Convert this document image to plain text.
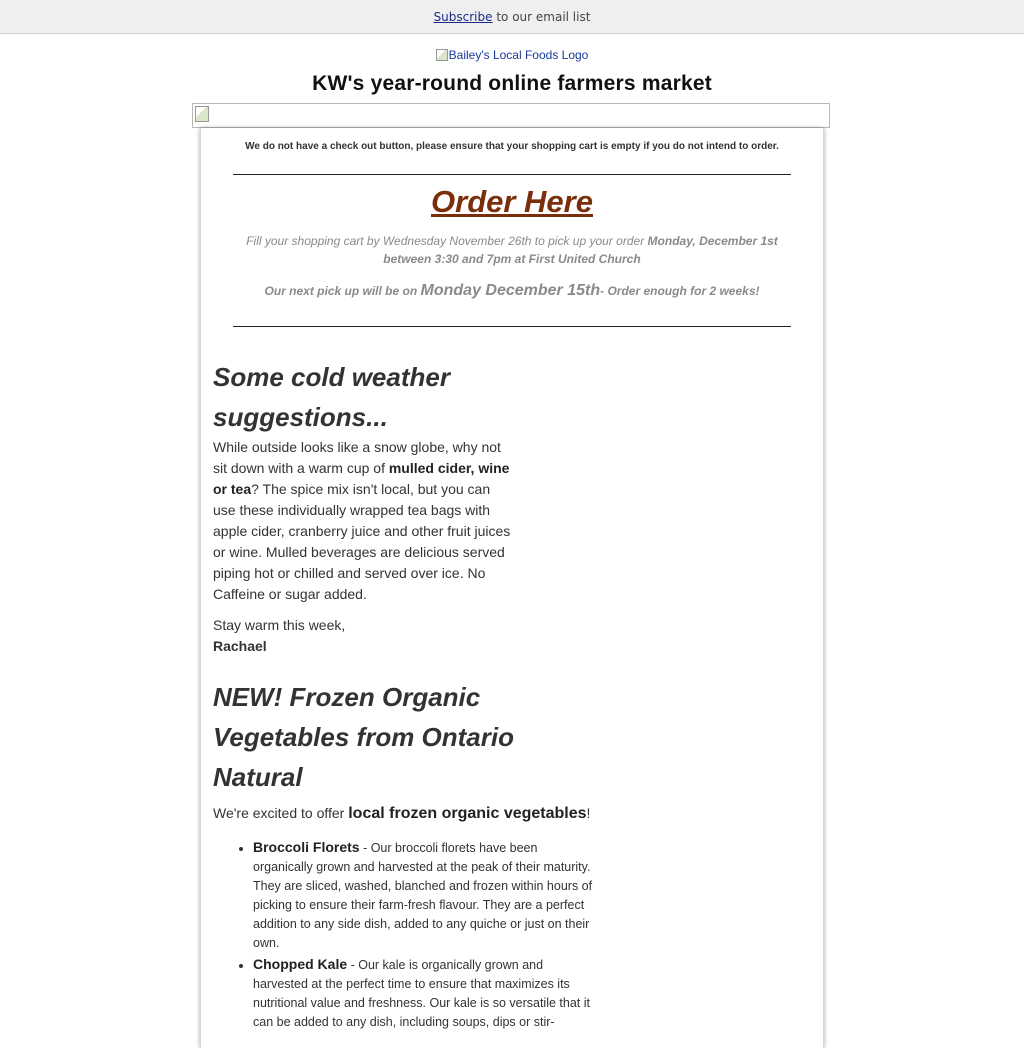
Subscribe to our email list
Bailey's Local Foods Logo
KW's year-round online farmers market
We do not have a check out button, please ensure that your shopping cart is empty if you do not intend to order.
Order Here
Fill your shopping cart by Wednesday November 26th to pick up your order Monday, December 1st between 3:30 and 7pm at First United Church
Our next pick up will be on Monday December 15th- Order enough for 2 weeks!
Some cold weather suggestions...

While outside looks like a snow globe, why not sit down with a warm cup of mulled cider, wine or tea? The spice mix isn't local, but you can use these individually wrapped tea bags with apple cider, cranberry juice and other fruit juices or wine. Mulled beverages are delicious served piping hot or chilled and served over ice. No Caffeine or sugar added.

Stay warm this week,
Rachael
NEW! Frozen Organic Vegetables from Ontario Natural

We're excited to offer local frozen organic vegetables!

• Broccoli Florets - Our broccoli florets have been organically grown and harvested at the peak of their maturity. They are sliced, washed, blanched and frozen within hours of picking to ensure their farm-fresh flavour. They are a perfect addition to any side dish, added to any quiche or just on their own.
• Chopped Kale - Our kale is organically grown and harvested at the perfect time to ensure that maximizes its nutritional value and freshness. Our kale is so versatile that it can be added to any dish, including soups, dips or stir-
